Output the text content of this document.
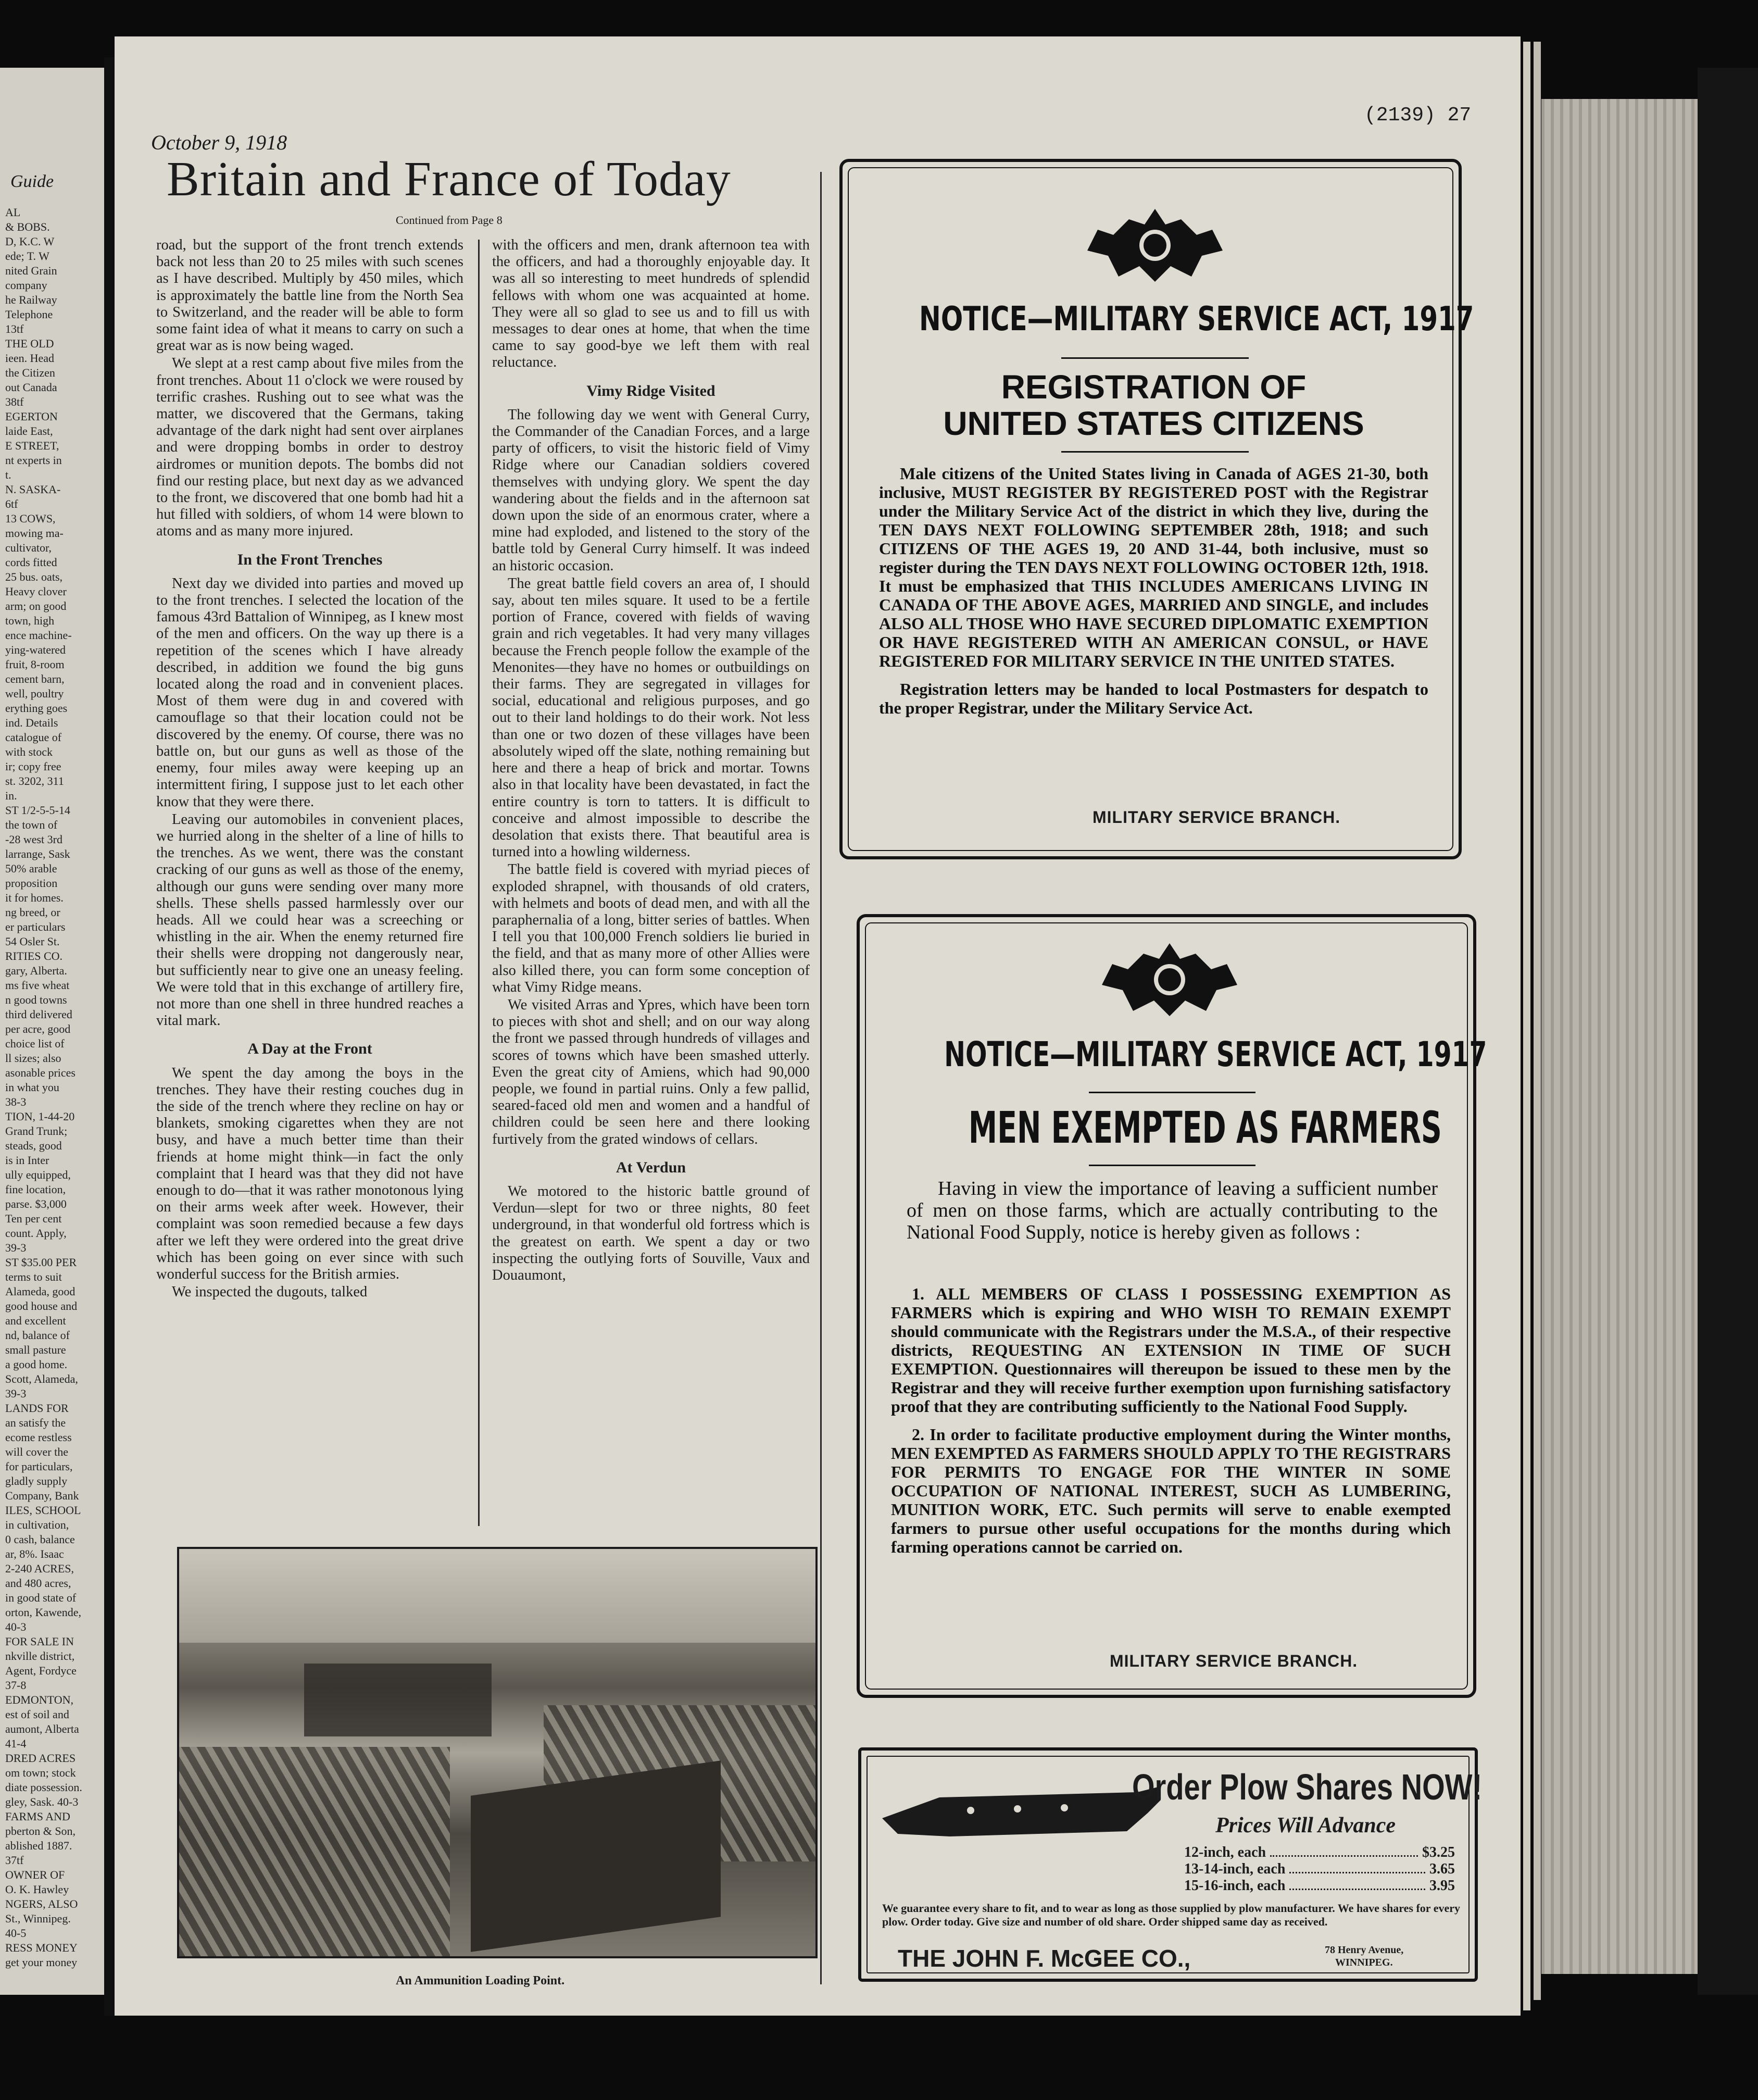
Guide
AL
& BOBS.
D, K.C. W
ede; T. W
nited Grain
company
he Railway
Telephone
13tf
THE OLD
ieen. Head
the Citizen
out Canada
38tf
EGERTON
laide East,
E STREET,
nt experts in
t.
N. SASKA-
6tf
13 COWS,
mowing ma-
cultivator,
cords fitted
25 bus. oats,
Heavy clover
arm; on good
town, high
ence machine-
ying-watered
fruit, 8-room
cement barn,
well, poultry
erything goes
ind. Details
catalogue of
with stock
ir; copy free
st. 3202, 311
in.
ST 1/2-5-5-14
the town of
-28 west 3rd
larrange, Sask
50% arable
proposition
it for homes.
ng breed, or
er particulars
54 Osler St.
RITIES CO.
gary, Alberta.
ms five wheat
n good towns
third delivered
per acre, good
choice list of
ll sizes; also
asonable prices
in what you
38-3
TION, 1-44-20
Grand Trunk;
steads, good
is in Inter
ully equipped,
fine location,
parse. $3,000
Ten per cent
count. Apply,
39-3
ST $35.00 PER
terms to suit
Alameda, good
good house and
and excellent
nd, balance of
small pasture
a good home.
Scott, Alameda,
39-3
LANDS FOR
an satisfy the
ecome restless
will cover the
for particulars,
gladly supply
Company, Bank
ILES, SCHOOL
in cultivation,
0 cash, balance
ar, 8%. Isaac
2-240 ACRES,
and 480 acres,
in good state of
orton, Kawende,
40-3
FOR SALE IN
nkville district,
Agent, Fordyce
37-8
EDMONTON,
est of soil and
aumont, Alberta
41-4
DRED ACRES
om town; stock
diate possession.
gley, Sask. 40-3
FARMS AND
pberton & Son,
ablished 1887.
37tf
OWNER OF
O. K. Hawley
NGERS, ALSO
St., Winnipeg.
40-5
RESS MONEY
get your money
October 9, 1918
(2139) 27
Britain and France of Today
Continued from Page 8

road, but the support of the front trench extends back not less than 20 to 25 miles with such scenes as I have described. Multiply by 450 miles, which is approximately the battle line from the North Sea to Switzerland, and the reader will be able to form some faint idea of what it means to carry on such a great war as is now being waged.

We slept at a rest camp about five miles from the front trenches. About 11 o'clock we were roused by terrific crashes. Rushing out to see what was the matter, we discovered that the Germans, taking advantage of the dark night had sent over airplanes and were dropping bombs in order to destroy airdromes or munition depots. The bombs did not find our resting place, but next day as we advanced to the front, we discovered that one bomb had hit a hut filled with soldiers, of whom 14 were blown to atoms and as many more injured.

In the Front Trenches

Next day we divided into parties and moved up to the front trenches. I selected the location of the famous 43rd Battalion of Winnipeg, as I knew most of the men and officers. On the way up there is a repetition of the scenes which I have already described, in addition we found the big guns located along the road and in convenient places. Most of them were dug in and covered with camouflage so that their location could not be discovered by the enemy. Of course, there was no battle on, but our guns as well as those of the enemy, four miles away were keeping up an intermittent firing, I suppose just to let each other know that they were there.

Leaving our automobiles in convenient places, we hurried along in the shelter of a line of hills to the trenches. As we went, there was the constant cracking of our guns as well as those of the enemy, although our guns were sending over many more shells. These shells passed harmlessly over our heads. All we could hear was a screeching or whistling in the air. When the enemy returned fire their shells were dropping not dangerously near, but sufficiently near to give one an uneasy feeling. We were told that in this exchange of artillery fire, not more than one shell in three hundred reaches a vital mark.

A Day at the Front

We spent the day among the boys in the trenches. They have their resting couches dug in the side of the trench where they recline on hay or blankets, smoking cigarettes when they are not busy, and have a much better time than their friends at home might think—in fact the only complaint that I heard was that they did not have enough to do—that it was rather monotonous lying on their arms week after week. However, their complaint was soon remedied because a few days after we left they were ordered into the great drive which has been going on ever since with such wonderful success for the British armies.

We inspected the dugouts, talked

with the officers and men, drank afternoon tea with the officers, and had a thoroughly enjoyable day. It was all so interesting to meet hundreds of splendid fellows with whom one was acquainted at home. They were all so glad to see us and to fill us with messages to dear ones at home, that when the time came to say good-bye we left them with real reluctance.

Vimy Ridge Visited

The following day we went with General Curry, the Commander of the Canadian Forces, and a large party of officers, to visit the historic field of Vimy Ridge where our Canadian soldiers covered themselves with undying glory. We spent the day wandering about the fields and in the afternoon sat down upon the side of an enormous crater, where a mine had exploded, and listened to the story of the battle told by General Curry himself. It was indeed an historic occasion.

The great battle field covers an area of, I should say, about ten miles square. It used to be a fertile portion of France, covered with fields of waving grain and rich vegetables. It had very many villages because the French people follow the example of the Menonites—they have no homes or outbuildings on their farms. They are segregated in villages for social, educational and religious purposes, and go out to their land holdings to do their work. Not less than one or two dozen of these villages have been absolutely wiped off the slate, nothing remaining but here and there a heap of brick and mortar. Towns also in that locality have been devastated, in fact the entire country is torn to tatters. It is difficult to conceive and almost impossible to describe the desolation that exists there. That beautiful area is turned into a howling wilderness.

The battle field is covered with myriad pieces of exploded shrapnel, with thousands of old craters, with helmets and boots of dead men, and with all the paraphernalia of a long, bitter series of battles. When I tell you that 100,000 French soldiers lie buried in the field, and that as many more of other Allies were also killed there, you can form some conception of what Vimy Ridge means.

We visited Arras and Ypres, which have been torn to pieces with shot and shell; and on our way along the front we passed through hundreds of villages and scores of towns which have been smashed utterly. Even the great city of Amiens, which had 90,000 people, we found in partial ruins. Only a few pallid, seared-faced old men and women and a handful of children could be seen here and there looking furtively from the grated windows of cellars.

At Verdun

We motored to the historic battle ground of Verdun—slept for two or three nights, 80 feet underground, in that wonderful old fortress which is the greatest on earth. We spent a day or two inspecting the outlying forts of Souville, Vaux and Douaumont,

An Ammunition Loading Point.
NOTICE—MILITARY SERVICE ACT, 1917
REGISTRATION OF
UNITED STATES CITIZENS

Male citizens of the United States living in Canada of AGES 21-30, both inclusive, MUST REGISTER BY REGISTERED POST with the Registrar under the Military Service Act of the district in which they live, during the TEN DAYS NEXT FOLLOWING SEPTEMBER 28th, 1918; and such CITIZENS OF THE AGES 19, 20 AND 31-44, both inclusive, must so register during the TEN DAYS NEXT FOLLOWING OCTOBER 12th, 1918. It must be emphasized that THIS INCLUDES AMERICANS LIVING IN CANADA OF THE ABOVE AGES, MARRIED AND SINGLE, and includes ALSO ALL THOSE WHO HAVE SECURED DIPLOMATIC EXEMPTION OR HAVE REGISTERED WITH AN AMERICAN CONSUL, or HAVE REGISTERED FOR MILITARY SERVICE IN THE UNITED STATES.

Registration letters may be handed to local Postmasters for despatch to the proper Registrar, under the Military Service Act.

MILITARY SERVICE BRANCH.
NOTICE—MILITARY SERVICE ACT, 1917
MEN EXEMPTED AS FARMERS
Having in view the importance of leaving a sufficient number of men on those farms, which are actually contributing to the National Food Supply, notice is hereby given as follows :

1. ALL MEMBERS OF CLASS I POSSESSING EXEMPTION AS FARMERS which is expiring and WHO WISH TO REMAIN EXEMPT should communicate with the Registrars under the M.S.A., of their respective districts, REQUESTING AN EXTENSION IN TIME OF SUCH EXEMPTION. Questionnaires will thereupon be issued to these men by the Registrar and they will receive further exemption upon furnishing satisfactory proof that they are contributing sufficiently to the National Food Supply.

2. In order to facilitate productive employment during the Winter months, MEN EXEMPTED AS FARMERS SHOULD APPLY TO THE REGISTRARS FOR PERMITS TO ENGAGE FOR THE WINTER IN SOME OCCUPATION OF NATIONAL INTEREST, SUCH AS LUMBERING, MUNITION WORK, ETC. Such permits will serve to enable exempted farmers to pursue other useful occupations for the months during which farming operations cannot be carried on.

MILITARY SERVICE BRANCH.
Order Plow Shares NOW!
Prices Will Advance
12-inch, each	$3.25
13-14-inch, each	3.65
15-16-inch, each	3.95
We guarantee every share to fit, and to wear as long as those supplied by plow manufacturer. We have shares for every plow. Order today. Give size and number of old share. Order shipped same day as received.
THE JOHN F. McGEE CO.,	78 Henry Avenue,
WINNIPEG.
